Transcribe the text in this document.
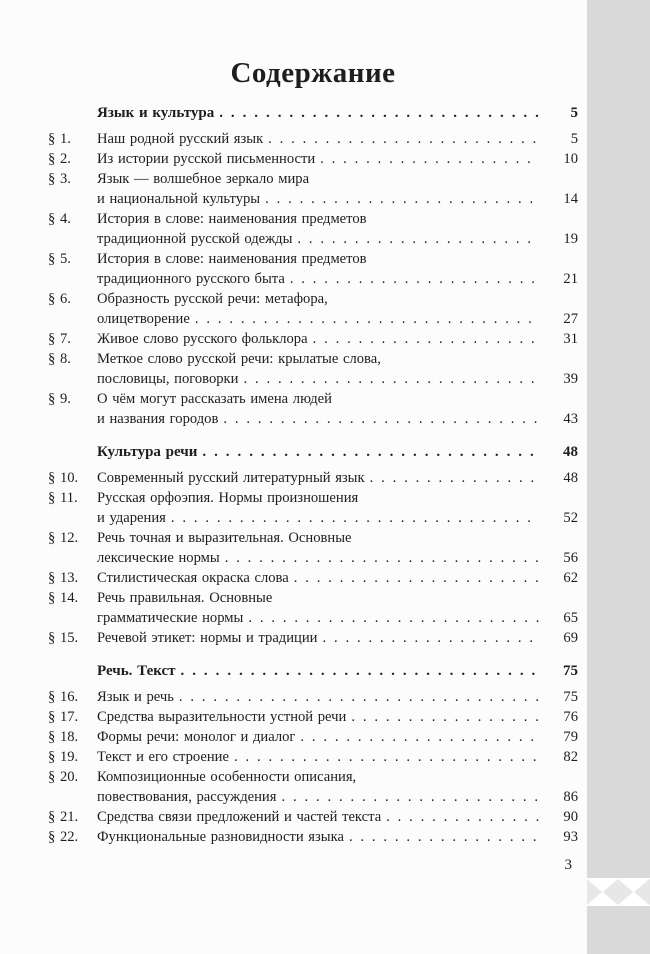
Содержание
Язык и культура . . .	5
§ 1.	Наш родной русский язык . . .	5
§ 2.	Из истории русской письменности . . .	10
§ 3.	Язык — волшебное зеркало мира
и национальной культуры . . .	14
§ 4.	История в слове: наименования предметов
традиционной русской одежды . . .	19
§ 5.	История в слове: наименования предметов
традиционного русского быта . . .	21
§ 6.	Образность русской речи: метафора,
олицетворение . . .	27
§ 7.	Живое слово русского фольклора . . .	31
§ 8.	Меткое слово русской речи: крылатые слова,
пословицы, поговорки . . .	39
§ 9.	О чём могут рассказать имена людей
и названия городов . . .	43
Культура речи . . .	48
§ 10.	Современный русский литературный язык . . .	48
§ 11.	Русская орфоэпия. Нормы произношения
и ударения . . .	52
§ 12.	Речь точная и выразительная. Основные
лексические нормы . . .	56
§ 13.	Стилистическая окраска слова . . .	62
§ 14.	Речь правильная. Основные
грамматические нормы . . .	65
§ 15.	Речевой этикет: нормы и традиции . . .	69
Речь. Текст . . .	75
§ 16.	Язык и речь . . .	75
§ 17.	Средства выразительности устной речи . . .	76
§ 18.	Формы речи: монолог и диалог . . .	79
§ 19.	Текст и его строение . . .	82
§ 20.	Композиционные особенности описания,
повествования, рассуждения . . .	86
§ 21.	Средства связи предложений и частей текста . . .	90
§ 22.	Функциональные разновидности языка . . .	93
3
